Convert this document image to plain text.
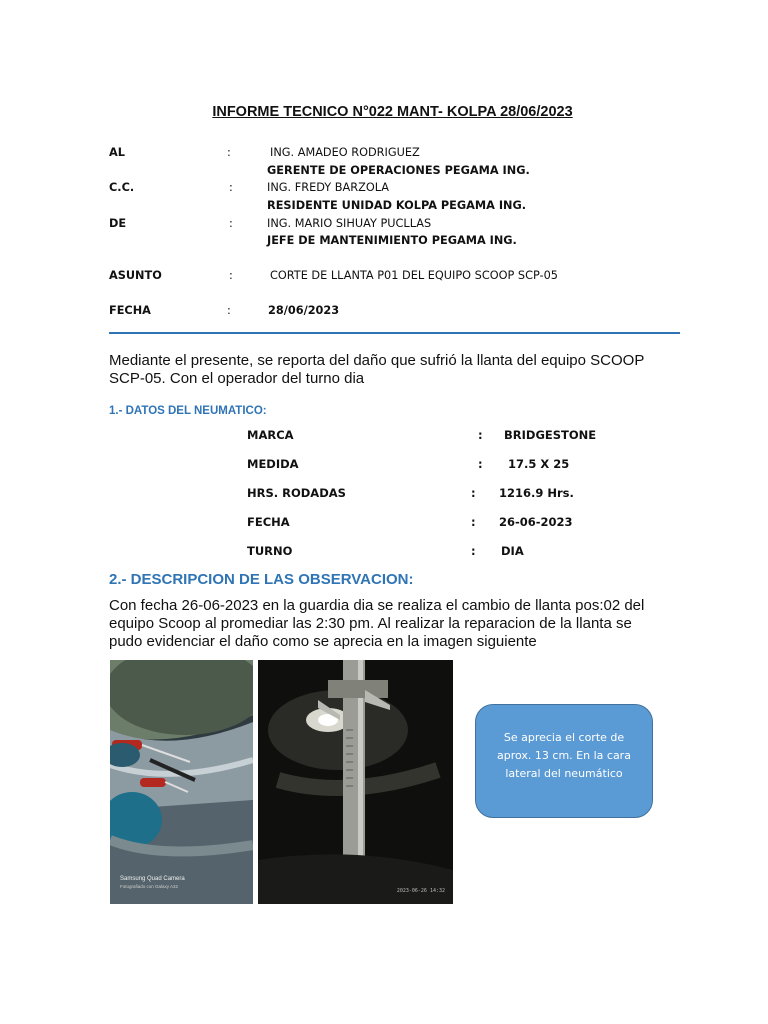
INFORME TECNICO N°022 MANT- KOLPA 28/06/2023
AL	:	ING. AMADEO RODRIGUEZ
GERENTE DE OPERACIONES PEGAMA ING.
C.C.	:	ING. FREDY BARZOLA
RESIDENTE UNIDAD KOLPA PEGAMA ING.
DE	:	ING. MARIO SIHUAY PUCLLAS
JEFE DE MANTENIMIENTO PEGAMA ING.
ASUNTO	:	CORTE DE LLANTA P01 DEL EQUIPO SCOOP SCP-05
FECHA	:	28/06/2023
Mediante el presente, se reporta del daño que sufrió la llanta del equipo SCOOP SCP-05. Con el operador del turno dia
1.- DATOS DEL NEUMATICO:
MARCA	: BRIDGESTONE
MEDIDA	: 17.5 X 25
HRS. RODADAS	: 1216.9 Hrs.
FECHA	: 26-06-2023
TURNO	: DIA
2.- DESCRIPCION DE LAS OBSERVACION:
Con fecha 26-06-2023 en la guardia dia se realiza el cambio de llanta pos:02 del equipo Scoop al promediar las 2:30 pm. Al realizar la reparacion de la llanta se pudo evidenciar el daño como se aprecia en la imagen siguiente
Samsung Quad Camera
Fotografiado con Galaxy A32
2023-06-26 14:32
Se aprecia el corte de aprox. 13 cm. En la cara lateral del neumático
